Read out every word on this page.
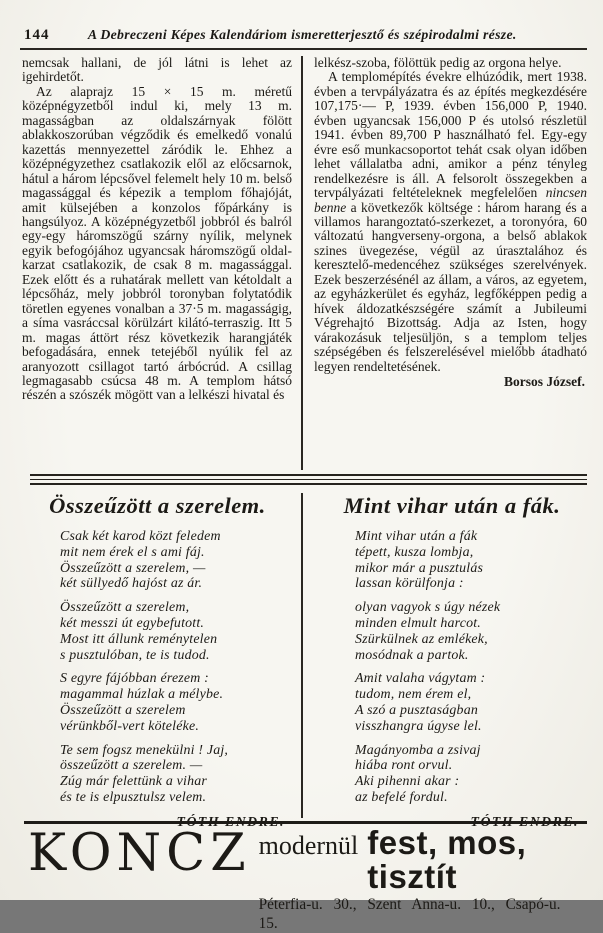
144	A Debreczeni Képes Kalendáriom ismeretterjesztő és szépirodalmi része.

nemcsak hallani, de jól látni is lehet az igehirdetőt.

Az alaprajz 15 × 15 m. méretű középnégyzetből indul ki, mely 13 m. magasságban az oldalszárnyak fölött ablakkoszorúban végződik és emelkedő vonalú kazettás mennyezettel záródik le. Ehhez a középnégyzethez csatlakozik elől az előcsarnok, hátul a három lépcsővel felemelt hely 10 m. belső magassággal és képezik a templom főhajóját, amit külsejében a konzolos főpárkány is hangsúlyoz. A középnégyzetből jobbról és balról egy-egy háromszögű szárny nyílik, melynek egyik befogójához ugyancsak háromszögű oldal-karzat csatlakozik, de csak 8 m. magassággal. Ezek előtt és a ruhatárak mellett van kétoldalt a lépcsőház, mely jobbról toronyban folytatódik töretlen egyenes vonalban a 37·5 m. magasságig, a síma vasráccsal körülzárt kilátó-terraszig. Itt 5 m. magas áttört rész következik harangjáték befogadására, ennek tetejéből nyúlik fel az aranyozott csillagot tartó árbócrúd. A csillag legmagasabb csúcsa 48 m. A templom hátsó részén a szószék mögött van a lelkészi hivatal és

lelkész-szoba, fölöttük pedig az orgona helye.

A templomépítés évekre elhúzódik, mert 1938. évben a tervpályázatra és az építés megkezdésére 107,175·— P, 1939. évben 156,000 P, 1940. évben ugyancsak 156,000 P és utolsó részletül 1941. évben 89,700 P használható fel. Egy-egy évre eső munkacsoportot tehát csak olyan időben lehet vállalatba adni, amikor a pénz tényleg rendelkezésre is áll. A felsorolt összegekben a tervpályázati feltételeknek megfelelően nincsen benne a következők költsége : három harang és a villamos harangoztató-szerkezet, a toronyóra, 60 változatú hangverseny-orgona, a belső ablakok szines üvegezése, végül az úrasztalához és keresztelő-medencéhez szükséges szerelvények. Ezek beszerzésénél az állam, a város, az egyetem, az egyházkerület és egyház, legfőképpen pedig a hívek áldozatkészségére számít a Jubileumi Végrehajtó Bizottság. Adja az Isten, hogy várakozásuk teljesüljön, s a templom teljes szépségében és felszerelésével mielőbb átadható legyen rendeltetésének.

Borsos József.
Összeűzött a szerelem.
Csak két karod közt feledem
mit nem érek el s ami fáj.
Összeűzött a szerelem, —
két süllyedő hajóst az ár.
Összeűzött a szerelem,
két messzi út egybefutott.
Most itt állunk reménytelen
s pusztulóban, te is tudod.
S egyre fájóbban érezem :
magammal húzlak a mélybe.
Összeűzött a szerelem
vérünkből-vert köteléke.
Te sem fogsz menekülni ! Jaj,
összeűzött a szerelem. —
Zúg már felettünk a vihar
és te is elpusztulsz velem.
TÓTH ENDRE.
Mint vihar után a fák.
Mint vihar után a fák
tépett, kusza lombja,
mikor már a pusztulás
lassan körülfonja :
olyan vagyok s úgy nézek
minden elmult harcot.
Szürkülnek az emlékek,
mosódnak a partok.
Amit valaha vágytam :
tudom, nem érem el,
A szó a pusztaságban
visszhangra úgyse lel.
Magányomba a zsivaj
hiába ront orvul.
Aki pihenni akar :
az befelé fordul.
TÓTH ENDRE.
KONCZ modernül fest, mos, tisztít
Péterfia-u. 30., Szent Anna-u. 10., Csapó-u. 15.
